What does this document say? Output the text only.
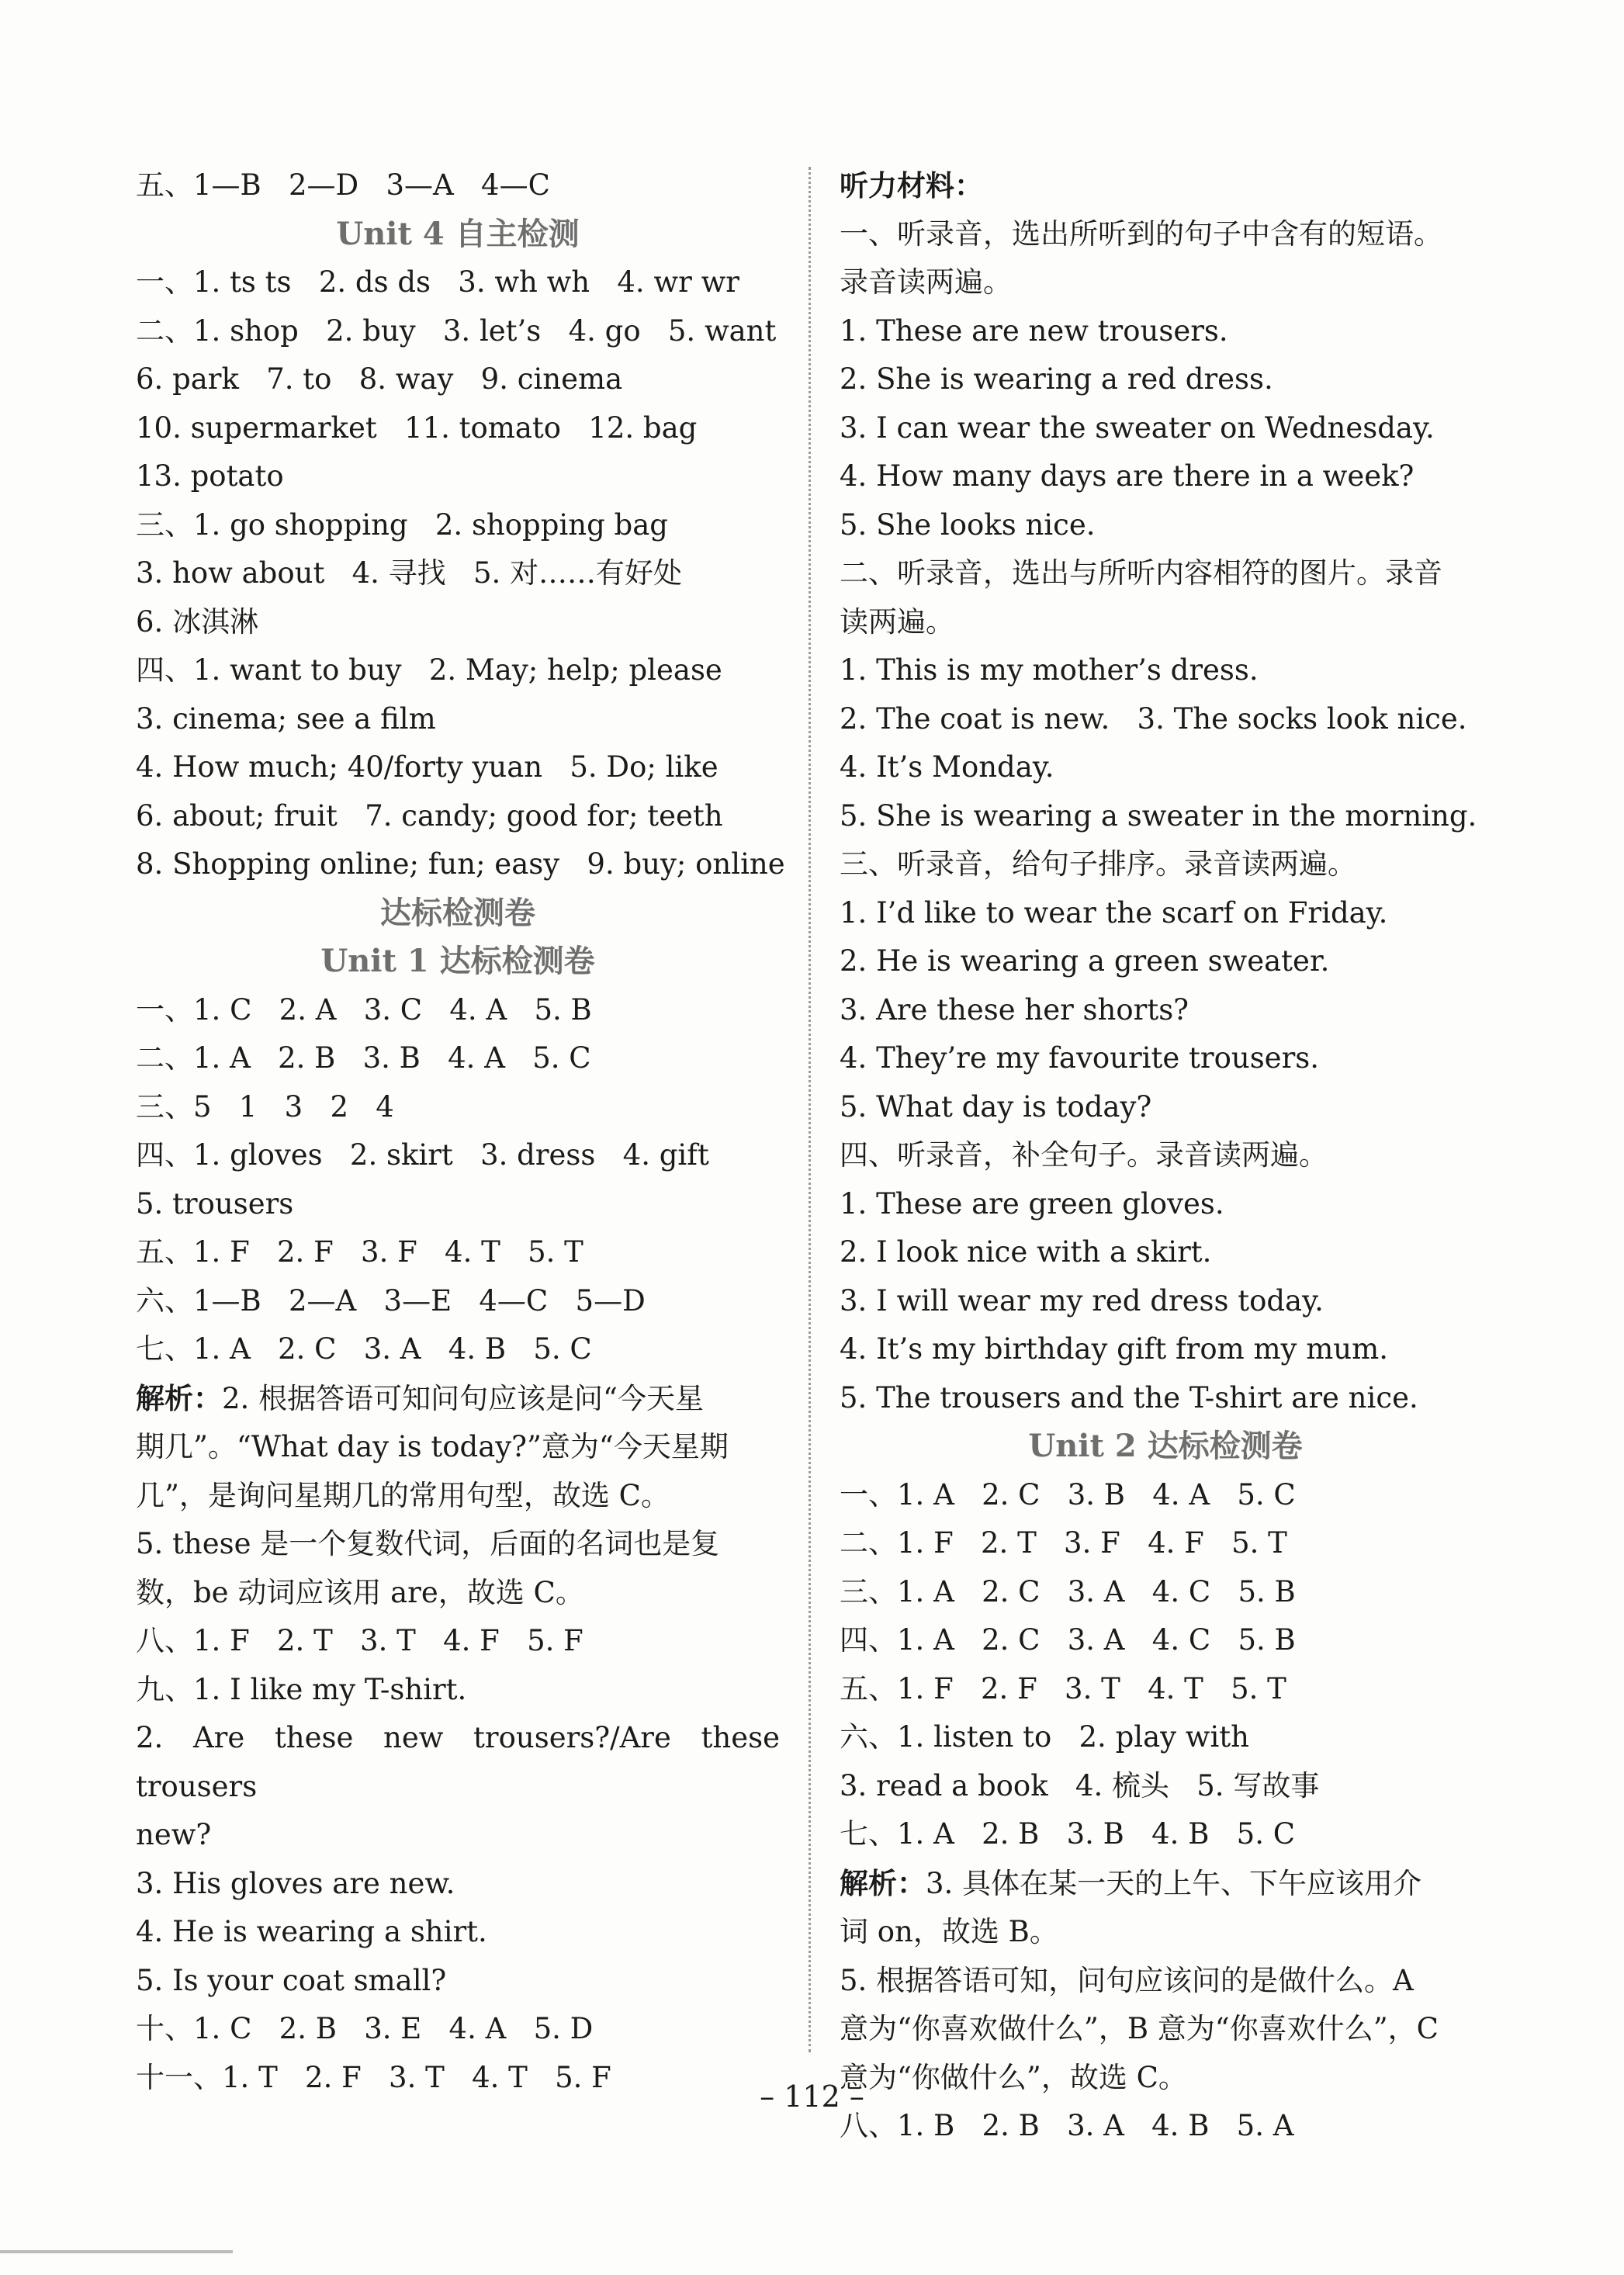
五、1—B   2—D   3—A   4—C
Unit 4 自主检测
一、1. ts ts   2. ds ds   3. wh wh   4. wr wr
二、1. shop   2. buy   3. let’s   4. go   5. want
6. park   7. to   8. way   9. cinema
10. supermarket   11. tomato   12. bag
13. potato
三、1. go shopping   2. shopping bag
3. how about   4. 寻找   5. 对……有好处
6. 冰淇淋
四、1. want to buy   2. May; help; please
3. cinema; see a film
4. How much; 40/forty yuan   5. Do; like
6. about; fruit   7. candy; good for; teeth
8. Shopping online; fun; easy   9. buy; online
达标检测卷
Unit 1 达标检测卷
一、1. C   2. A   3. C   4. A   5. B
二、1. A   2. B   3. B   4. A   5. C
三、5   1   3   2   4
四、1. gloves   2. skirt   3. dress   4. gift
5. trousers
五、1. F   2. F   3. F   4. T   5. T
六、1—B   2—A   3—E   4—C   5—D
七、1. A   2. C   3. A   4. B   5. C
解析：2. 根据答语可知问句应该是问“今天星
期几”。“What day is today?”意为“今天星期
几”，是询问星期几的常用句型，故选 C。
5. these 是一个复数代词，后面的名词也是复
数，be 动词应该用 are，故选 C。
八、1. F   2. T   3. T   4. F   5. F
九、1. I like my T-shirt.
2. Are these new trousers?/Are these trousers
new?
3. His gloves are new.
4. He is wearing a shirt.
5. Is your coat small?
十、1. C   2. B   3. E   4. A   5. D
十一、1. T   2. F   3. T   4. T   5. F
听力材料：
一、听录音，选出所听到的句子中含有的短语。
录音读两遍。
1. These are new trousers.
2. She is wearing a red dress.
3. I can wear the sweater on Wednesday.
4. How many days are there in a week?
5. She looks nice.
二、听录音，选出与所听内容相符的图片。录音
读两遍。
1. This is my mother’s dress.
2. The coat is new.   3. The socks look nice.
4. It’s Monday.
5. She is wearing a sweater in the morning.
三、听录音，给句子排序。录音读两遍。
1. I’d like to wear the scarf on Friday.
2. He is wearing a green sweater.
3. Are these her shorts?
4. They’re my favourite trousers.
5. What day is today?
四、听录音，补全句子。录音读两遍。
1. These are green gloves.
2. I look nice with a skirt.
3. I will wear my red dress today.
4. It’s my birthday gift from my mum.
5. The trousers and the T-shirt are nice.
Unit 2 达标检测卷
一、1. A   2. C   3. B   4. A   5. C
二、1. F   2. T   3. F   4. F   5. T
三、1. A   2. C   3. A   4. C   5. B
四、1. A   2. C   3. A   4. C   5. B
五、1. F   2. F   3. T   4. T   5. T
六、1. listen to   2. play with
3. read a book   4. 梳头   5. 写故事
七、1. A   2. B   3. B   4. B   5. C
解析：3. 具体在某一天的上午、下午应该用介
词 on，故选 B。
5. 根据答语可知，问句应该问的是做什么。A
意为“你喜欢做什么”，B 意为“你喜欢什么”，C
意为“你做什么”，故选 C。
八、1. B   2. B   3. A   4. B   5. A
– 112 –
